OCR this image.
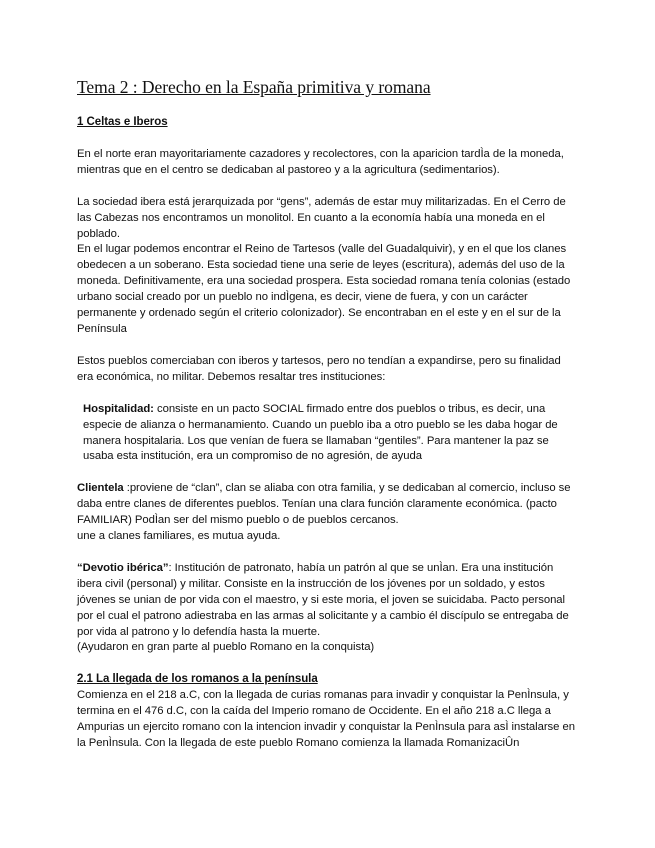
Tema 2 : Derecho en la España primitiva y romana
1 Celtas e Iberos

En el norte eran mayoritariamente cazadores y recolectores, con la aparicion tardÌa de la moneda, mientras que en el centro se dedicaban al pastoreo y a la agricultura (sedimentarios).

La sociedad ibera está jerarquizada por “gens”, además de estar muy militarizadas. En el Cerro de las Cabezas nos encontramos un monolitol. En cuanto a la economía había una moneda en el poblado.

En el lugar podemos encontrar el Reino de Tartesos (valle del Guadalquivir), y en el que los clanes obedecen a un soberano. Esta sociedad tiene una serie de leyes (escritura), además del uso de la moneda. Definitivamente, era una sociedad prospera. Esta sociedad romana tenía colonias (estado urbano social creado por un pueblo no indÌgena, es decir, viene de fuera, y con un carácter permanente y ordenado según el criterio colonizador). Se encontraban en el este y en el sur de la Península

Estos pueblos comerciaban con iberos y tartesos, pero no tendían a expandirse, pero su finalidad era económica, no militar. Debemos resaltar tres instituciones:

Hospitalidad: consiste en un pacto SOCIAL firmado entre dos pueblos o tribus, es decir, una especie de alianza o hermanamiento. Cuando un pueblo iba a otro pueblo se les daba hogar de manera hospitalaria. Los que venían de fuera se llamaban “gentiles”. Para mantener la paz se usaba esta institución, era un compromiso de no agresión, de ayuda

Clientela :proviene de “clan”, clan se aliaba con otra familia, y se dedicaban al comercio, incluso se daba entre clanes de diferentes pueblos. Tenían una clara función claramente económica. (pacto FAMILIAR) PodÌan ser del mismo pueblo o de pueblos cercanos.
une a clanes familiares, es mutua ayuda.

“Devotio ibérica”: Institución de patronato, había un patrón al que se unÌan. Era una institución ibera civil (personal) y militar. Consiste en la instrucción de los jóvenes por un soldado, y estos jóvenes se unian de por vida con el maestro, y si este moria, el joven se suicidaba. Pacto personal por el cual el patrono adiestraba en las armas al solicitante y a cambio él discípulo se entregaba de por vida al patrono y lo defendía hasta la muerte.
(Ayudaron en gran parte al pueblo Romano en la conquista)

2.1 La llegada de los romanos a la península

Comienza en el 218 a.C, con la llegada de curias romanas para invadir y conquistar la PenÌnsula, y termina en el 476 d.C, con la caída del Imperio romano de Occidente. En el año 218 a.C llega a Ampurias un ejercito romano con la intencion invadir y conquistar la PenÌnsula para asÌ instalarse en la PenÌnsula. Con la llegada de este pueblo Romano comienza la llamada RomanizaciÛn
